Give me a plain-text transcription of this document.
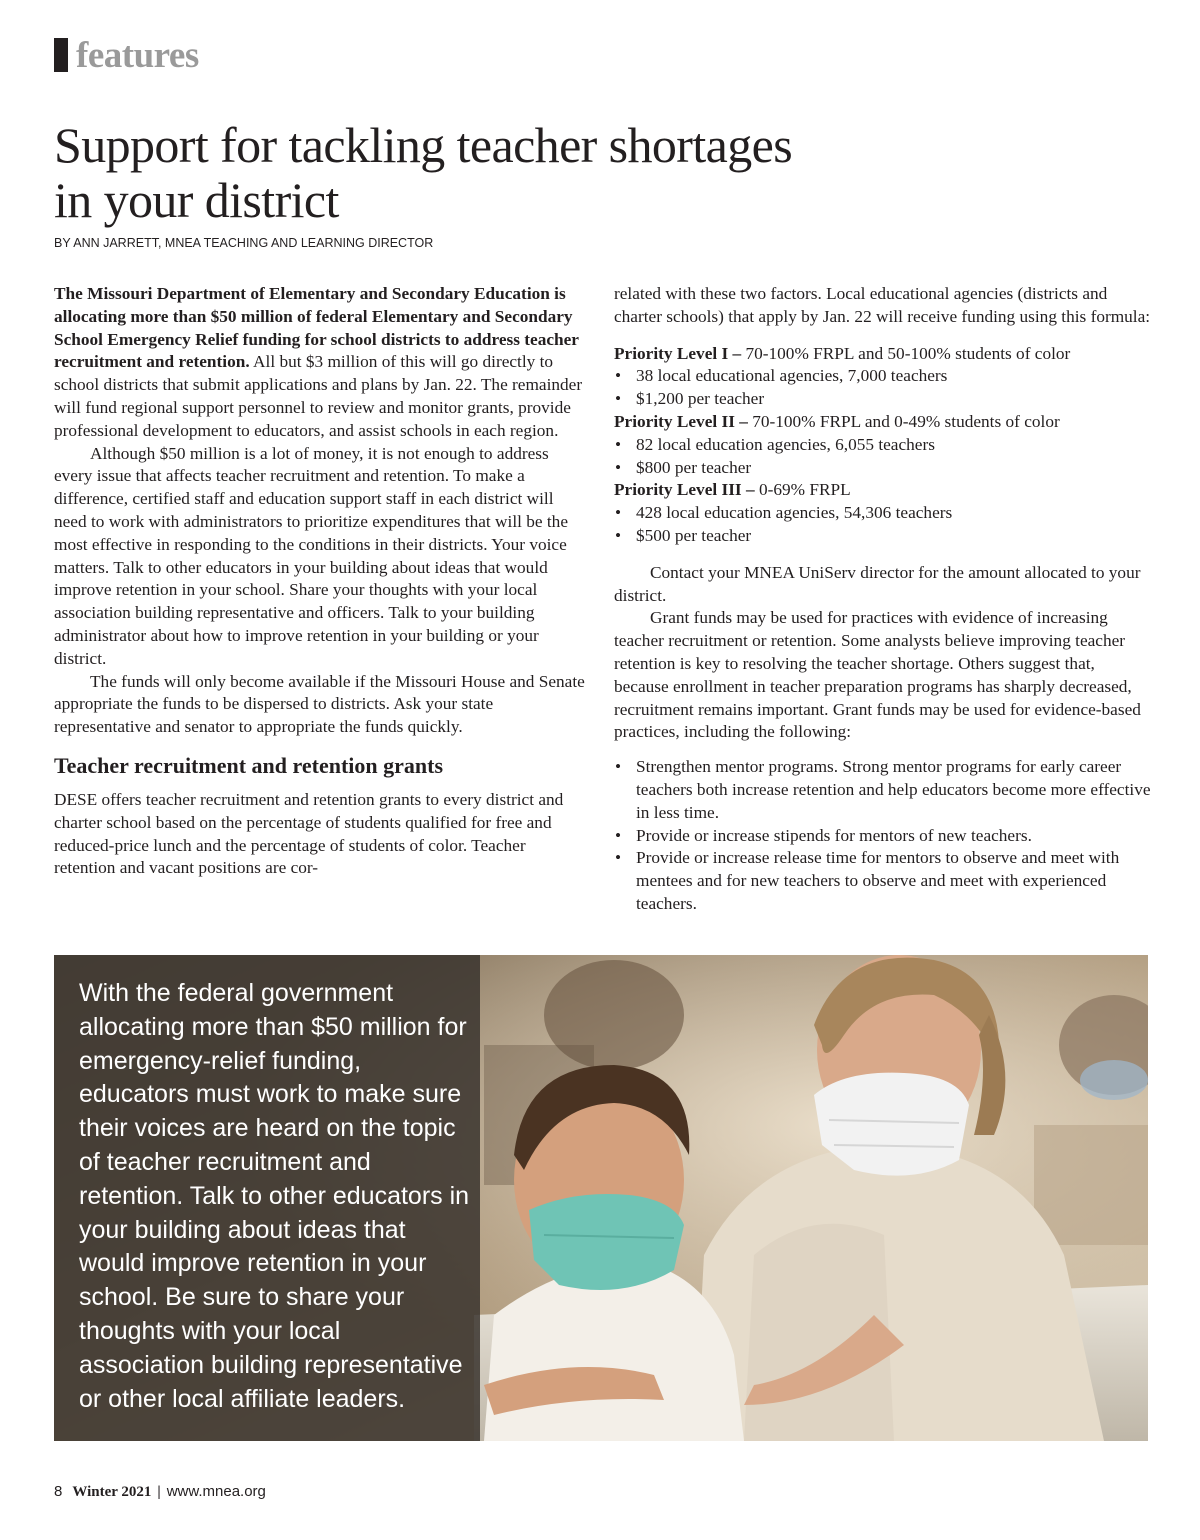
features
Support for tackling teacher shortages
in your district
BY ANN JARRETT, MNEA TEACHING AND LEARNING DIRECTOR

The Missouri Department of Elementary and Secondary Education is allocating more than $50 million of federal Elementary and Secondary School Emergency Relief funding for school districts to address teacher recruitment and retention. All but $3 million of this will go directly to school districts that submit applications and plans by Jan. 22. The remainder will fund regional support personnel to review and monitor grants, provide professional development to educators, and assist schools in each region.

Although $50 million is a lot of money, it is not enough to address every issue that affects teacher recruitment and retention. To make a difference, certified staff and education support staff in each district will need to work with administrators to prioritize expenditures that will be the most effective in responding to the conditions in their districts. Your voice matters. Talk to other educators in your building about ideas that would improve retention in your school. Share your thoughts with your local association building representative and officers. Talk to your building administrator about how to improve retention in your building or your district.

The funds will only become available if the Missouri House and Senate appropriate the funds to be dispersed to districts. Ask your state representative and senator to appropriate the funds quickly.

Teacher recruitment and retention grants

DESE offers teacher recruitment and retention grants to every district and charter school based on the percentage of students qualified for free and reduced-price lunch and the percentage of students of color. Teacher retention and vacant positions are cor-

related with these two factors. Local educational agencies (districts and charter schools) that apply by Jan. 22 will receive funding using this formula:

Priority Level I – 70-100% FRPL and 50-100% students of color
• 38 local educational agencies, 7,000 teachers
• $1,200 per teacher
Priority Level II – 70-100% FRPL and 0-49% students of color
• 82 local education agencies, 6,055 teachers
• $800 per teacher
Priority Level III – 0-69% FRPL
• 428 local education agencies, 54,306 teachers
• $500 per teacher

Contact your MNEA UniServ director for the amount allocated to your district.

Grant funds may be used for practices with evidence of increasing teacher recruitment or retention. Some analysts believe improving teacher retention is key to resolving the teacher shortage. Others suggest that, because enrollment in teacher preparation programs has sharply decreased, recruitment remains important. Grant funds may be used for evidence-based practices, including the following:

• Strengthen mentor programs. Strong mentor programs for early career teachers both increase retention and help educators become more effective in less time.
• Provide or increase stipends for mentors of new teachers.
• Provide or increase release time for mentors to observe and meet with mentees and for new teachers to observe and meet with experienced teachers.

With the federal government allocating more than $50 million for emergency-relief funding, educators must work to make sure their voices are heard on the topic of teacher recruitment and retention. Talk to other educators in your building about ideas that would improve retention in your school. Be sure to share your thoughts with your local association building representative or other local affiliate leaders.

8 Winter 2021 | www.mnea.org
